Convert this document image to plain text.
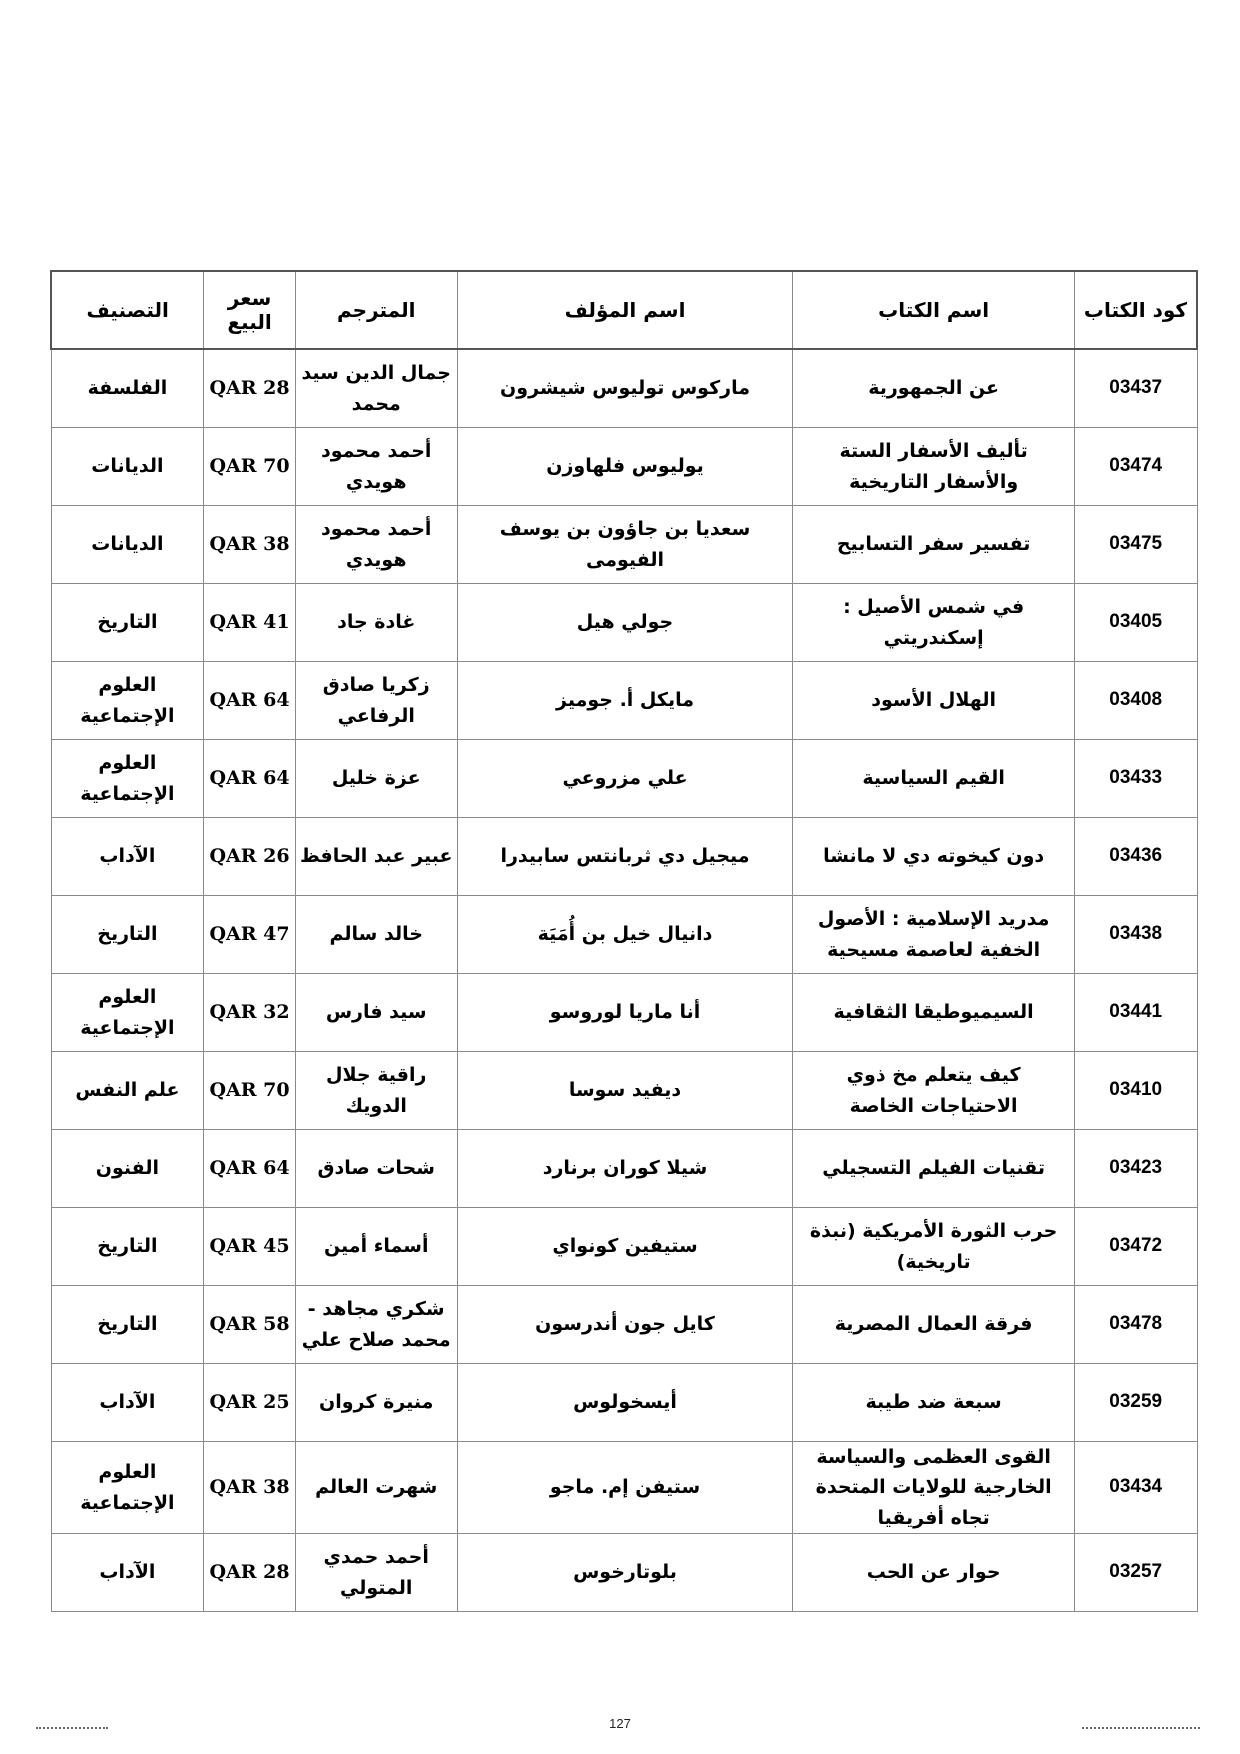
كود الكتاب	اسم الكتاب	اسم المؤلف	المترجم	سعر البيع	التصنيف
03437	عن الجمهورية	ماركوس توليوس شيشرون	جمال الدين سيد محمد	QAR 28	الفلسفة
03474	تأليف الأسفار الستة والأسفار التاريخية	يوليوس فلهاوزن	أحمد محمود هويدي	QAR 70	الديانات
03475	تفسير سفر التسابيح	سعديا بن جاؤون بن يوسف الفيومى	أحمد محمود هويدي	QAR 38	الديانات
03405	في شمس الأصيل : إسكندريتي	جولي هيل	غادة جاد	QAR 41	التاريخ
03408	الهلال الأسود	مايكل أ. جوميز	زكريا صادق الرفاعي	QAR 64	العلوم الإجتماعية
03433	القيم السياسية	علي مزروعي	عزة خليل	QAR 64	العلوم الإجتماعية
03436	دون كيخوته دي لا مانشا	ميجيل دي ثربانتس سابيدرا	عبير عبد الحافظ	QAR 26	الآداب
03438	مدريد الإسلامية : الأصول الخفية لعاصمة مسيحية	دانيال خيل بن أُمَيَة	خالد سالم	QAR 47	التاريخ
03441	السيميوطيقا الثقافية	أنا ماريا لوروسو	سيد فارس	QAR 32	العلوم الإجتماعية
03410	كيف يتعلم مخ ذوي الاحتياجات الخاصة	ديفيد سوسا	راقية جلال الدويك	QAR 70	علم النفس
03423	تقنيات الفيلم التسجيلي	شيلا كوران برنارد	شحات صادق	QAR 64	الفنون
03472	حرب الثورة الأمريكية (نبذة تاريخية)	ستيفين كونواي	أسماء أمين	QAR 45	التاريخ
03478	فرقة العمال المصرية	كايل جون أندرسون	شكري مجاهد - محمد صلاح علي	QAR 58	التاريخ
03259	سبعة ضد طيبة	أيسخولوس	منيرة كروان	QAR 25	الآداب
03434	القوى العظمى والسياسة الخارجية للولايات المتحدة تجاه أفريقيا	ستيفن إم. ماجو	شهرت العالم	QAR 38	العلوم الإجتماعية
03257	حوار عن الحب	بلوتارخوس	أحمد حمدي المتولي	QAR 28	الآداب
127
